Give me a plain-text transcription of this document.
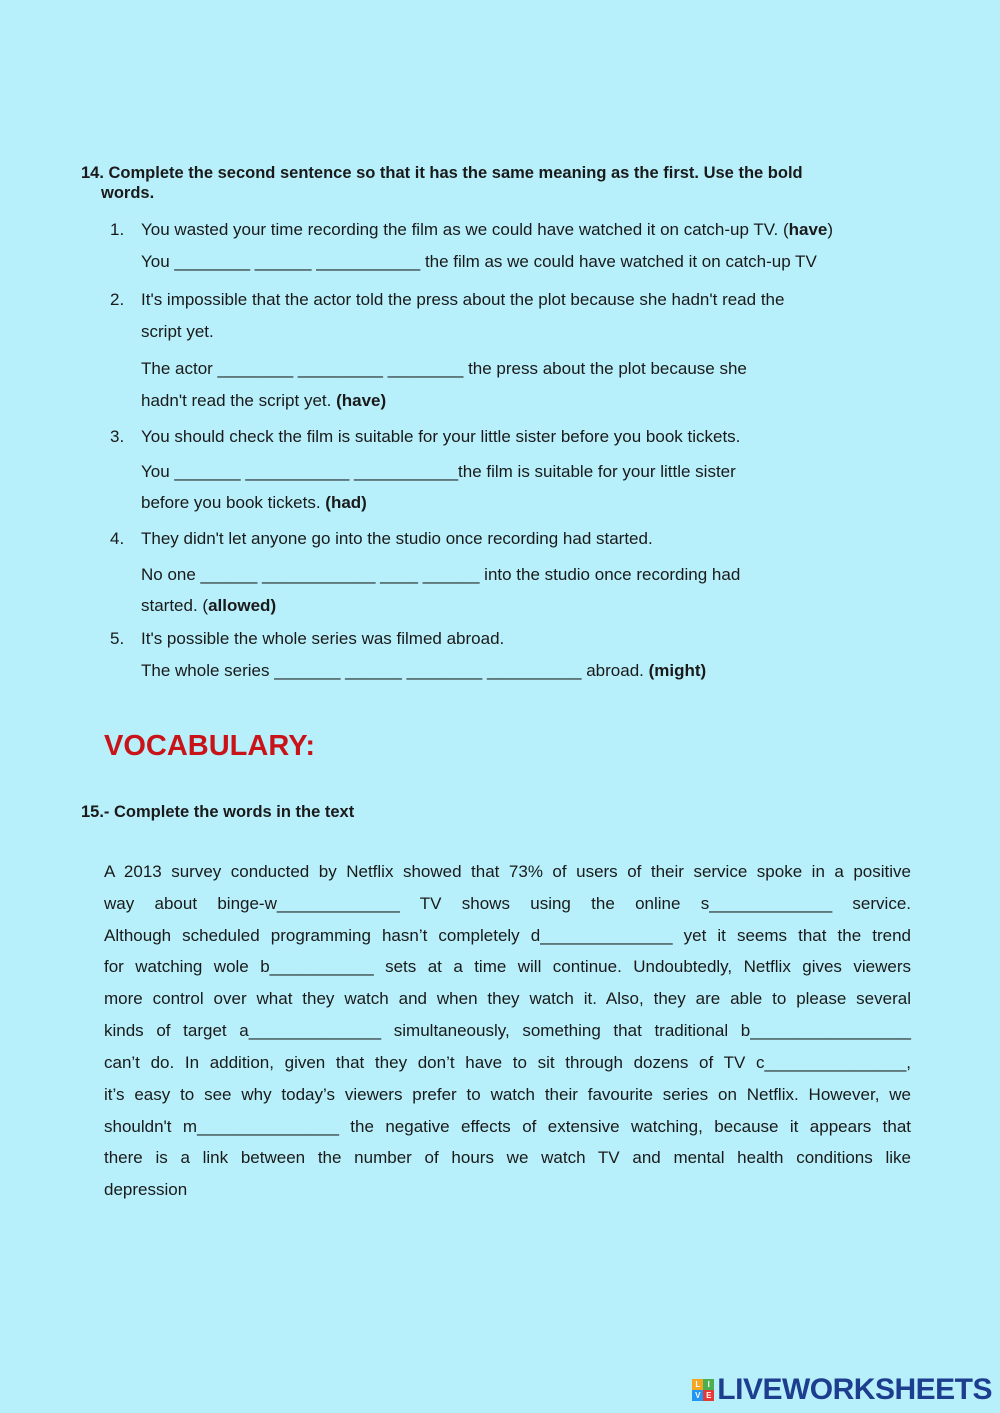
14. Complete the second sentence so that it has the same meaning as the first. Use the bold
words.
1. You wasted your time recording the film as we could have watched it on catch-up TV. (have)
You ________ ______ ___________ the film as we could have watched it on catch-up TV
2. It's impossible that the actor told the press about the plot because she hadn't read the
script yet.
The actor ________ _________ ________ the press about the plot because she
hadn't read the script yet. (have)
3. You should check the film is suitable for your little sister before you book tickets.
You _______ ___________ ___________the film is suitable for your little sister
before you book tickets. (had)
4. They didn't let anyone go into the studio once recording had started.
No one ______ ____________ ____ ______ into the studio once recording had
started. (allowed)
5. It's possible the whole series was filmed abroad.
The whole series _______ ______ ________ __________ abroad. (might)
VOCABULARY:
15.- Complete the words in the text
A 2013 survey conducted by Netflix showed that 73% of users of their service spoke in a positive
way about binge-w_____________ TV shows using the online s_____________ service.
Although scheduled programming hasn’t completely d______________ yet it seems that the trend
for watching wole b___________ sets at a time will continue. Undoubtedly, Netflix gives viewers
more control over what they watch and when they watch it. Also, they are able to please several
kinds of target a______________ simultaneously, something that traditional b_________________
can’t do. In addition, given that they don’t have to sit through dozens of TV c_______________,
it’s easy to see why today’s viewers prefer to watch their favourite series on Netflix. However, we
shouldn't m_______________ the negative effects of extensive watching, because it appears that
there is a link between the number of hours we watch TV and mental health conditions like
depression
L I
V E LIVEWORKSHEETS
